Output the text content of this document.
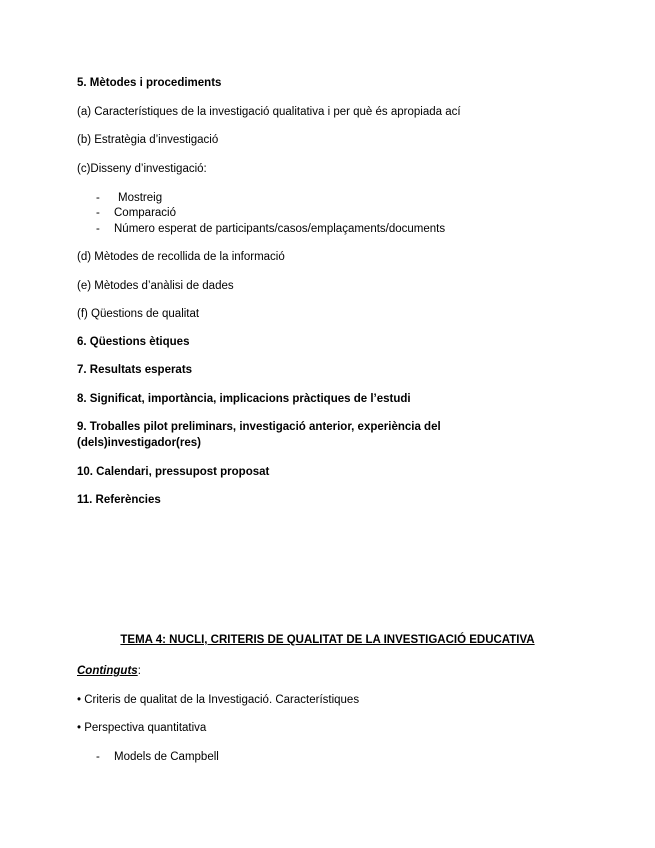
5. Mètodes i procediments
(a) Característiques de la investigació qualitativa i per què és apropiada ací
(b) Estratègia d’investigació
(c)Disseny d’investigació:
- Mostreig
- Comparació
- Número esperat de participants/casos/emplaçaments/documents
(d) Mètodes de recollida de la informació
(e) Mètodes d’anàlisi de dades
(f) Qüestions de qualitat
6. Qüestions ètiques
7. Resultats esperats
8. Significat, importància, implicacions pràctiques de l’estudi
9. Troballes pilot preliminars, investigació anterior, experiència del
(dels)investigador(res)
10. Calendari, pressupost proposat
11. Referències
TEMA 4: NUCLI, CRITERIS DE QUALITAT DE LA INVESTIGACIÓ EDUCATIVA
Continguts:
• Criteris de qualitat de la Investigació. Característiques
• Perspectiva quantitativa
- Models de Campbell
